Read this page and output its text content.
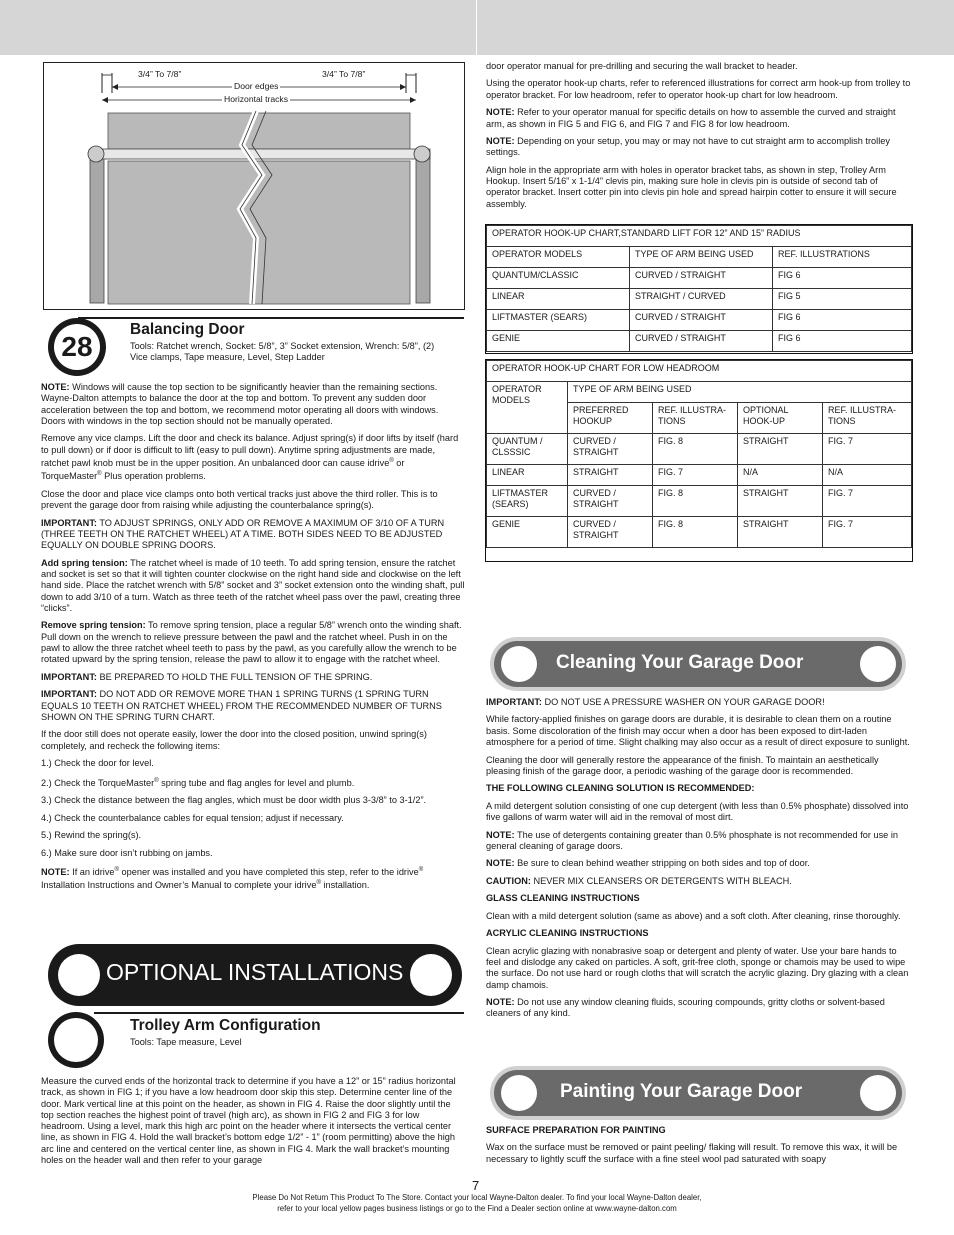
3/4” To 7/8”	3/4” To 7/8”
Door edges
Horizontal tracks
28
Balancing Door
Tools: Ratchet wrench, Socket: 5/8”, 3” Socket extension, Wrench: 5/8”, (2) Vice clamps, Tape measure, Level, Step Ladder

NOTE: Windows will cause the top section to be significantly heavier than the remaining sections. Wayne-Dalton attempts to balance the door at the top and bottom. To prevent any sudden door acceleration between the top and bottom, we recommend motor operating all doors with windows. Doors with windows in the top section should not be manually operated.

Remove any vice clamps. Lift the door and check its balance. Adjust spring(s) if door lifts by itself (hard to pull down) or if door is difficult to lift (easy to pull down). Anytime spring adjustments are made, ratchet pawl knob must be in the upper position. An unbalanced door can cause idrive® or TorqueMaster® Plus operation problems.

Close the door and place vice clamps onto both vertical tracks just above the third roller. This is to prevent the garage door from raising while adjusting the counterbalance spring(s).

IMPORTANT: TO ADJUST SPRINGS, ONLY ADD OR REMOVE A MAXIMUM OF 3/10 OF A TURN (THREE TEETH ON THE RATCHET WHEEL) AT A TIME. BOTH SIDES NEED TO BE ADJUSTED EQUALLY ON DOUBLE SPRING DOORS.

Add spring tension: The ratchet wheel is made of 10 teeth. To add spring tension, ensure the ratchet and socket is set so that it will tighten counter clockwise on the right hand side and clockwise on the left hand side. Place the ratchet wrench with 5/8” socket and 3” socket extension onto the winding shaft, pull down to add 3/10 of a turn. Watch as three teeth of the ratchet wheel pass over the pawl, creating three “clicks”.

Remove spring tension: To remove spring tension, place a regular 5/8” wrench onto the winding shaft. Pull down on the wrench to relieve pressure between the pawl and the ratchet wheel. Push in on the pawl to allow the three ratchet wheel teeth to pass by the pawl, as you carefully allow the wrench to be rotated upward by the spring tension, release the pawl to allow it to engage with the ratchet wheel.

IMPORTANT: BE PREPARED TO HOLD THE FULL TENSION OF THE SPRING.

IMPORTANT: DO NOT ADD OR REMOVE MORE THAN 1 SPRING TURNS (1 SPRING TURN EQUALS 10 TEETH ON RATCHET WHEEL) FROM THE RECOMMENDED NUMBER OF TURNS SHOWN ON THE SPRING TURN CHART.

If the door still does not operate easily, lower the door into the closed position, unwind spring(s) completely, and recheck the following items:

1.) Check the door for level.

2.) Check the TorqueMaster® spring tube and flag angles for level and plumb.

3.) Check the distance between the flag angles, which must be door width plus 3-3/8” to 3-1/2”.

4.) Check the counterbalance cables for equal tension; adjust if necessary.

5.) Rewind the spring(s).

6.) Make sure door isn’t rubbing on jambs.

NOTE: If an idrive® opener was installed and you have completed this step, refer to the idrive® Installation Instructions and Owner’s Manual to complete your idrive® installation.

OPTIONAL INSTALLATIONS
Trolley Arm Configuration
Tools: Tape measure, Level

Measure the curved ends of the horizontal track to determine if you have a 12” or 15” radius horizontal track, as shown in FIG 1; if you have a low headroom door skip this step. Determine center line of the door. Mark vertical line at this point on the header, as shown in FIG 4. Raise the door slightly until the top section reaches the highest point of travel (high arc), as shown in FIG 2 and FIG 3 for low headroom. Using a level, mark this high arc point on the header where it intersects the vertical center line, as shown in FIG 4. Hold the wall bracket’s bottom edge 1/2” - 1” (room permitting) above the high arc line and centered on the vertical center line, as shown in FIG 4. Mark the wall bracket’s mounting holes on the header wall and then refer to your garage

door operator manual for pre-drilling and securing the wall bracket to header.

Using the operator hook-up charts, refer to referenced illustrations for correct arm hook-up from trolley to operator bracket. For low headroom, refer to operator hook-up chart for low headroom.

NOTE: Refer to your operator manual for specific details on how to assemble the curved and straight arm, as shown in FIG 5 and FIG 6, and FIG 7 and FIG 8 for low headroom.

NOTE: Depending on your setup, you may or may not have to cut straight arm to accomplish trolley settings.

Align hole in the appropriate arm with holes in operator bracket tabs, as shown in step, Trolley Arm Hookup. Insert 5/16” x 1-1/4” clevis pin, making sure hole in clevis pin is outside of second tab of operator bracket. Insert cotter pin into clevis pin hole and spread hairpin cotter to ensure it will secure assembly.

OPERATOR HOOK-UP CHART,STANDARD LIFT FOR 12” AND 15” RADIUS		
OPERATOR MODELS	TYPE OF ARM BEING USED	REF. ILLUSTRATIONS
QUANTUM/CLASSIC	CURVED / STRAIGHT	FIG 6
LINEAR	STRAIGHT / CURVED	FIG 5
LIFTMASTER (SEARS)	CURVED / STRAIGHT	FIG 6
GENIE	CURVED / STRAIGHT	FIG 6
OPERATOR HOOK-UP CHART FOR LOW HEADROOM				
OPERATOR MODELS	TYPE OF ARM BEING USED			
	PREFERRED HOOKUP	REF. ILLUSTRA-TIONS	OPTIONAL HOOK-UP	REF. ILLUSTRA-TIONS
QUANTUM / CLSSSIC	CURVED / STRAIGHT	FIG. 8	STRAIGHT	FIG. 7
LINEAR	STRAIGHT	FIG. 7	N/A	N/A
LIFTMASTER (SEARS)	CURVED / STRAIGHT	FIG. 8	STRAIGHT	FIG. 7
GENIE	CURVED / STRAIGHT	FIG. 8	STRAIGHT	FIG. 7
Cleaning Your Garage Door

IMPORTANT: DO NOT USE A PRESSURE WASHER ON YOUR GARAGE DOOR!

While factory-applied finishes on garage doors are durable, it is desirable to clean them on a routine basis. Some discoloration of the finish may occur when a door has been exposed to dirt-laden atmosphere for a period of time. Slight chalking may also occur as a result of direct exposure to sunlight.

Cleaning the door will generally restore the appearance of the finish. To maintain an aesthetically pleasing finish of the garage door, a periodic washing of the garage door is recommended.

THE FOLLOWING CLEANING SOLUTION IS RECOMMENDED:

A mild detergent solution consisting of one cup detergent (with less than 0.5% phosphate) dissolved into five gallons of warm water will aid in the removal of most dirt.

NOTE: The use of detergents containing greater than 0.5% phosphate is not recommended for use in general cleaning of garage doors.

NOTE: Be sure to clean behind weather stripping on both sides and top of door.

CAUTION: NEVER MIX CLEANSERS OR DETERGENTS WITH BLEACH.

GLASS CLEANING INSTRUCTIONS

Clean with a mild detergent solution (same as above) and a soft cloth. After cleaning, rinse thoroughly.

ACRYLIC CLEANING INSTRUCTIONS

Clean acrylic glazing with nonabrasive soap or detergent and plenty of water. Use your bare hands to feel and dislodge any caked on particles. A soft, grit-free cloth, sponge or chamois may be used to wipe the surface. Do not use hard or rough cloths that will scratch the acrylic glazing. Dry glazing with a clean damp chamois.

NOTE: Do not use any window cleaning fluids, scouring compounds, gritty cloths or solvent-based cleaners of any kind.

Painting Your Garage Door

SURFACE PREPARATION FOR PAINTING

Wax on the surface must be removed or paint peeling/ flaking will result. To remove this wax, it will be necessary to lightly scuff the surface with a fine steel wool pad saturated with soapy

7
Please Do Not Return This Product To The Store. Contact your local Wayne-Dalton dealer. To find your local Wayne-Dalton dealer,
refer to your local yellow pages business listings or go to the Find a Dealer section online at www.wayne-dalton.com
